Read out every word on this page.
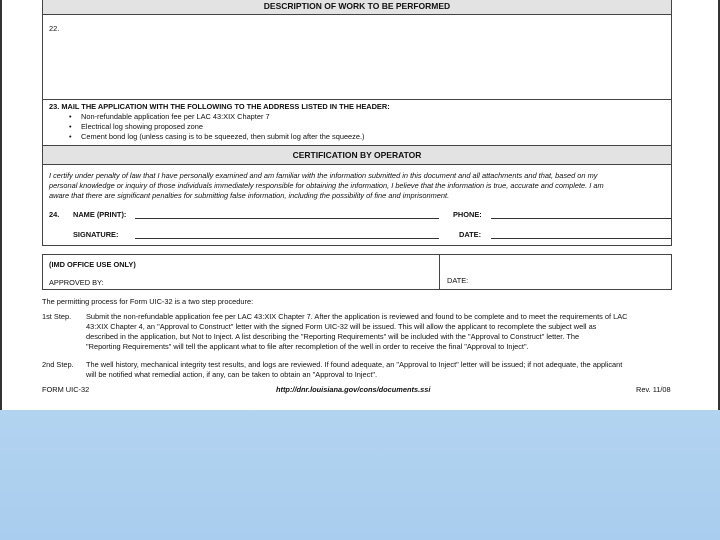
DESCRIPTION OF WORK TO BE PERFORMED
22.
23. MAIL THE APPLICATION WITH THE FOLLOWING TO THE ADDRESS LISTED IN THE HEADER:
• Non-refundable application fee per LAC 43:XIX Chapter 7
• Electrical log showing proposed zone
• Cement bond log (unless casing is to be squeezed, then submit log after the squeeze.)
CERTIFICATION BY OPERATOR
I certify under penalty of law that I have personally examined and am familiar with the information submitted in this document and all attachments and that, based on my
personal knowledge or inquiry of those individuals immediately responsible for obtaining the information, I believe that the information is true, accurate and complete. I am
aware that there are significant penalties for submitting false information, including the possibility of fine and imprisonment.
24. NAME (PRINT):	PHONE:
SIGNATURE:	DATE:
(IMD OFFICE USE ONLY)
APPROVED BY:	DATE:
The permitting process for Form UIC-32 is a two step procedure:
1st Step. Submit the non-refundable application fee per LAC 43:XIX Chapter 7. After the application is reviewed and found to be complete and to meet the requirements of LAC
43:XIX Chapter 4, an "Approval to Construct" letter with the signed Form UIC-32 will be issued. This will allow the applicant to recomplete the subject well as
described in the application, but Not to Inject. A list describing the "Reporting Requirements" will be included with the "Approval to Construct" letter. The
"Reporting Requirements" will tell the applicant what to file after recompletion of the well in order to receive the final "Approval to Inject".
2nd Step. The well history, mechanical integrity test results, and logs are reviewed. If found adequate, an "Approval to Inject" letter will be issued; if not adequate, the applicant
will be notified what remedial action, if any, can be taken to obtain an "Approval to Inject".
FORM UIC-32	http://dnr.louisiana.gov/cons/documents.ssi	Rev. 11/08
